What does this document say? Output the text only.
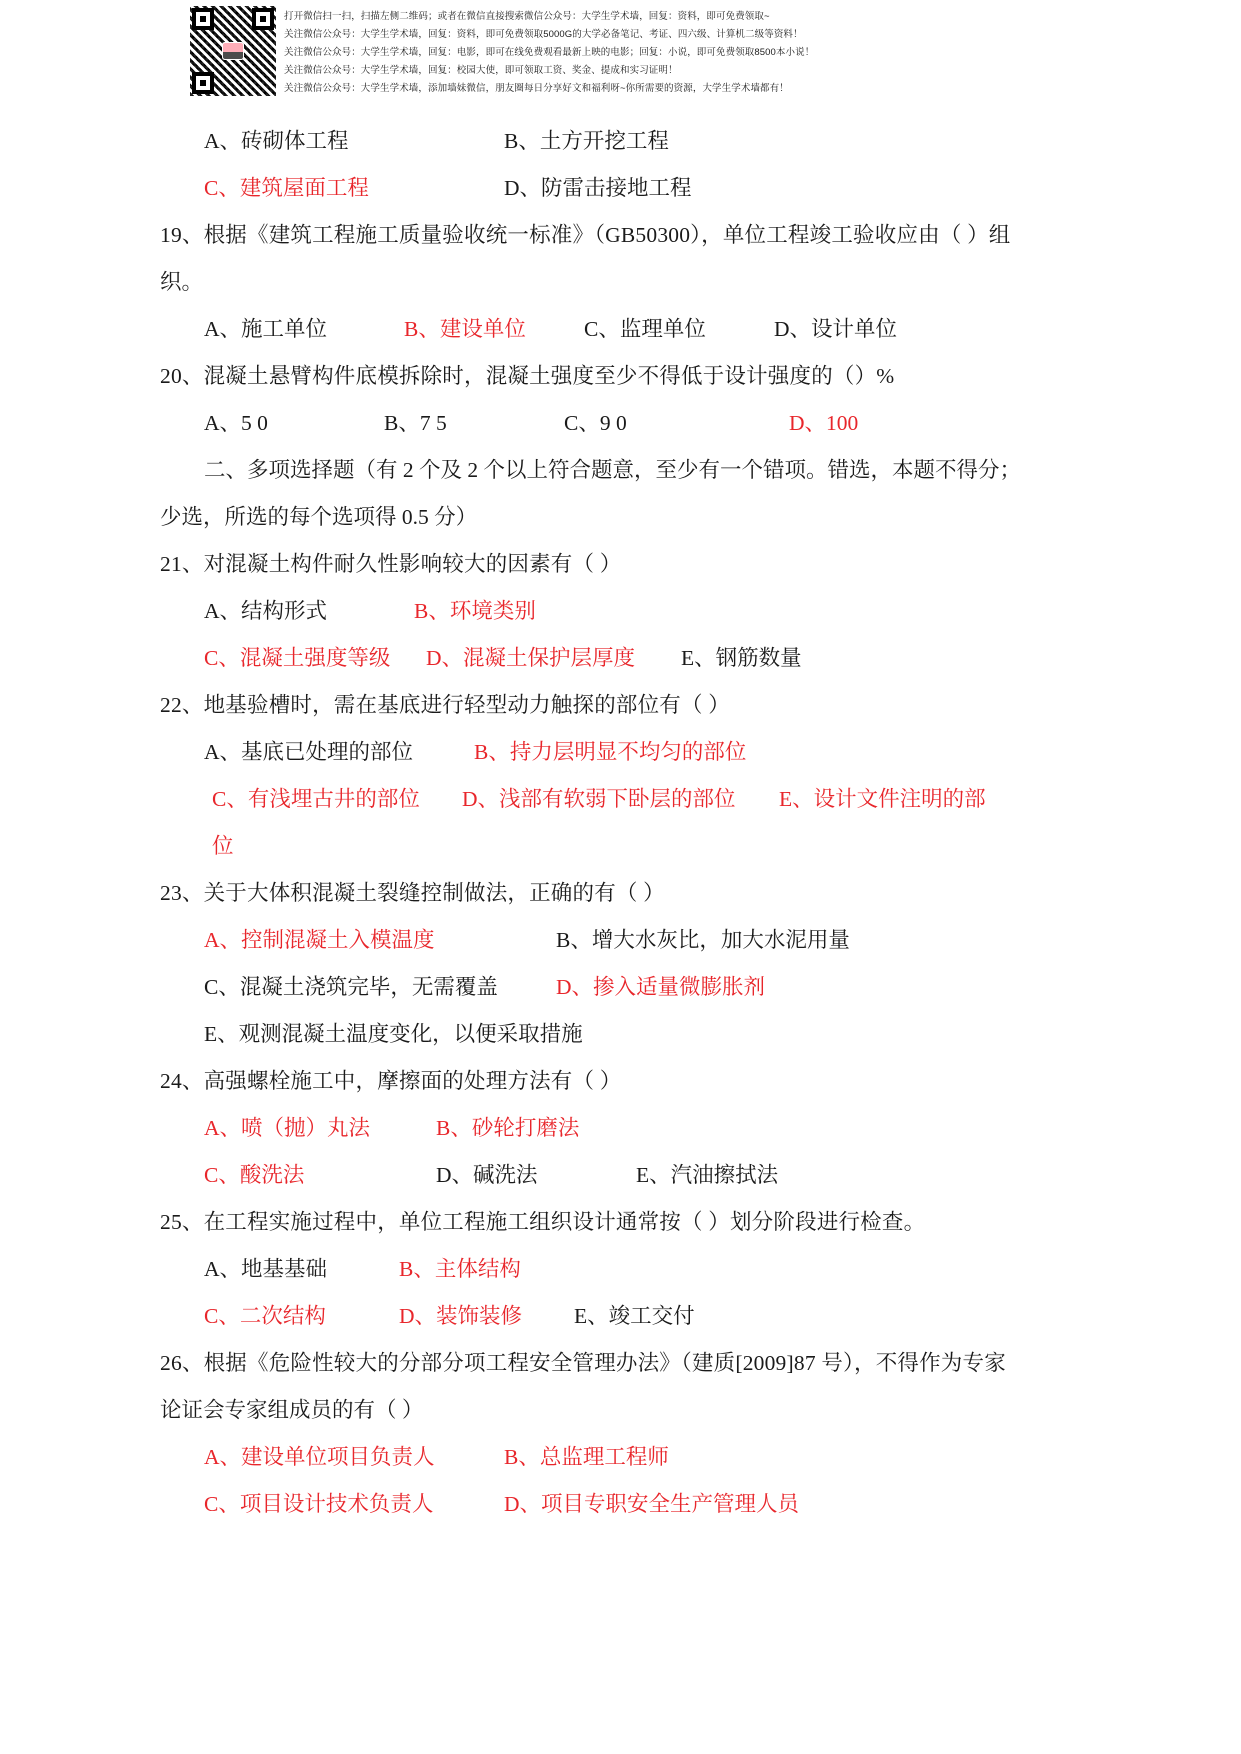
打开微信扫一扫，扫描左侧二维码；或者在微信直接搜索微信公众号：大学生学术墙，回复：资料，即可免费领取~
关注微信公众号：大学生学术墙，回复：资料，即可免费领取5000G的大学必备笔记、考证、四六级、计算机二级等资料！
关注微信公众号：大学生学术墙，回复：电影，即可在线免费观看最新上映的电影；回复：小说，即可免费领取8500本小说！
关注微信公众号：大学生学术墙，回复：校园大使，即可领取工资、奖金、提成和实习证明！
关注微信公众号：大学生学术墙，添加墙妹微信，朋友圈每日分享好文和福利呀~你所需要的资源，大学生学术墙都有！
A、砖砌体工程	B、土方开挖工程
C、建筑屋面工程	D、防雷击接地工程
19、根据《建筑工程施工质量验收统一标准》（GB50300），单位工程竣工验收应由（ ）组
织。
A、施工单位	B、建设单位	C、监理单位	D、设计单位
20、混凝土悬臂构件底模拆除时，混凝土强度至少不得低于设计强度的（）%
A、5 0	B、7 5	C、9 0	D、100
二、多项选择题（有 2 个及 2 个以上符合题意，至少有一个错项。错选，本题不得分；
少选，所选的每个选项得 0.5 分）
21、对混凝土构件耐久性影响较大的因素有（ ）
A、结构形式	B、环境类别
C、混凝土强度等级 D、混凝土保护层厚度 E、钢筋数量
22、地基验槽时，需在基底进行轻型动力触探的部位有（ ）
A、基底已处理的部位	B、持力层明显不均匀的部位
C、有浅埋古井的部位 D、浅部有软弱下卧层的部位 E、设计文件注明的部
位
23、关于大体积混凝土裂缝控制做法，正确的有（ ）
A、控制混凝土入模温度	B、增大水灰比，加大水泥用量
C、混凝土浇筑完毕，无需覆盖	D、掺入适量微膨胀剂
E、观测混凝土温度变化，以便采取措施
24、高强螺栓施工中，摩擦面的处理方法有（ ）
A、喷（抛）丸法	B、砂轮打磨法
C、酸洗法	D、碱洗法	E、汽油擦拭法
25、在工程实施过程中，单位工程施工组织设计通常按（ ）划分阶段进行检查。
A、地基基础	B、主体结构
C、二次结构	D、装饰装修 E、竣工交付
26、根据《危险性较大的分部分项工程安全管理办法》（建质[2009]87 号），不得作为专家
论证会专家组成员的有（ ）
A、建设单位项目负责人	B、总监理工程师
C、项目设计技术负责人	D、项目专职安全生产管理人员
